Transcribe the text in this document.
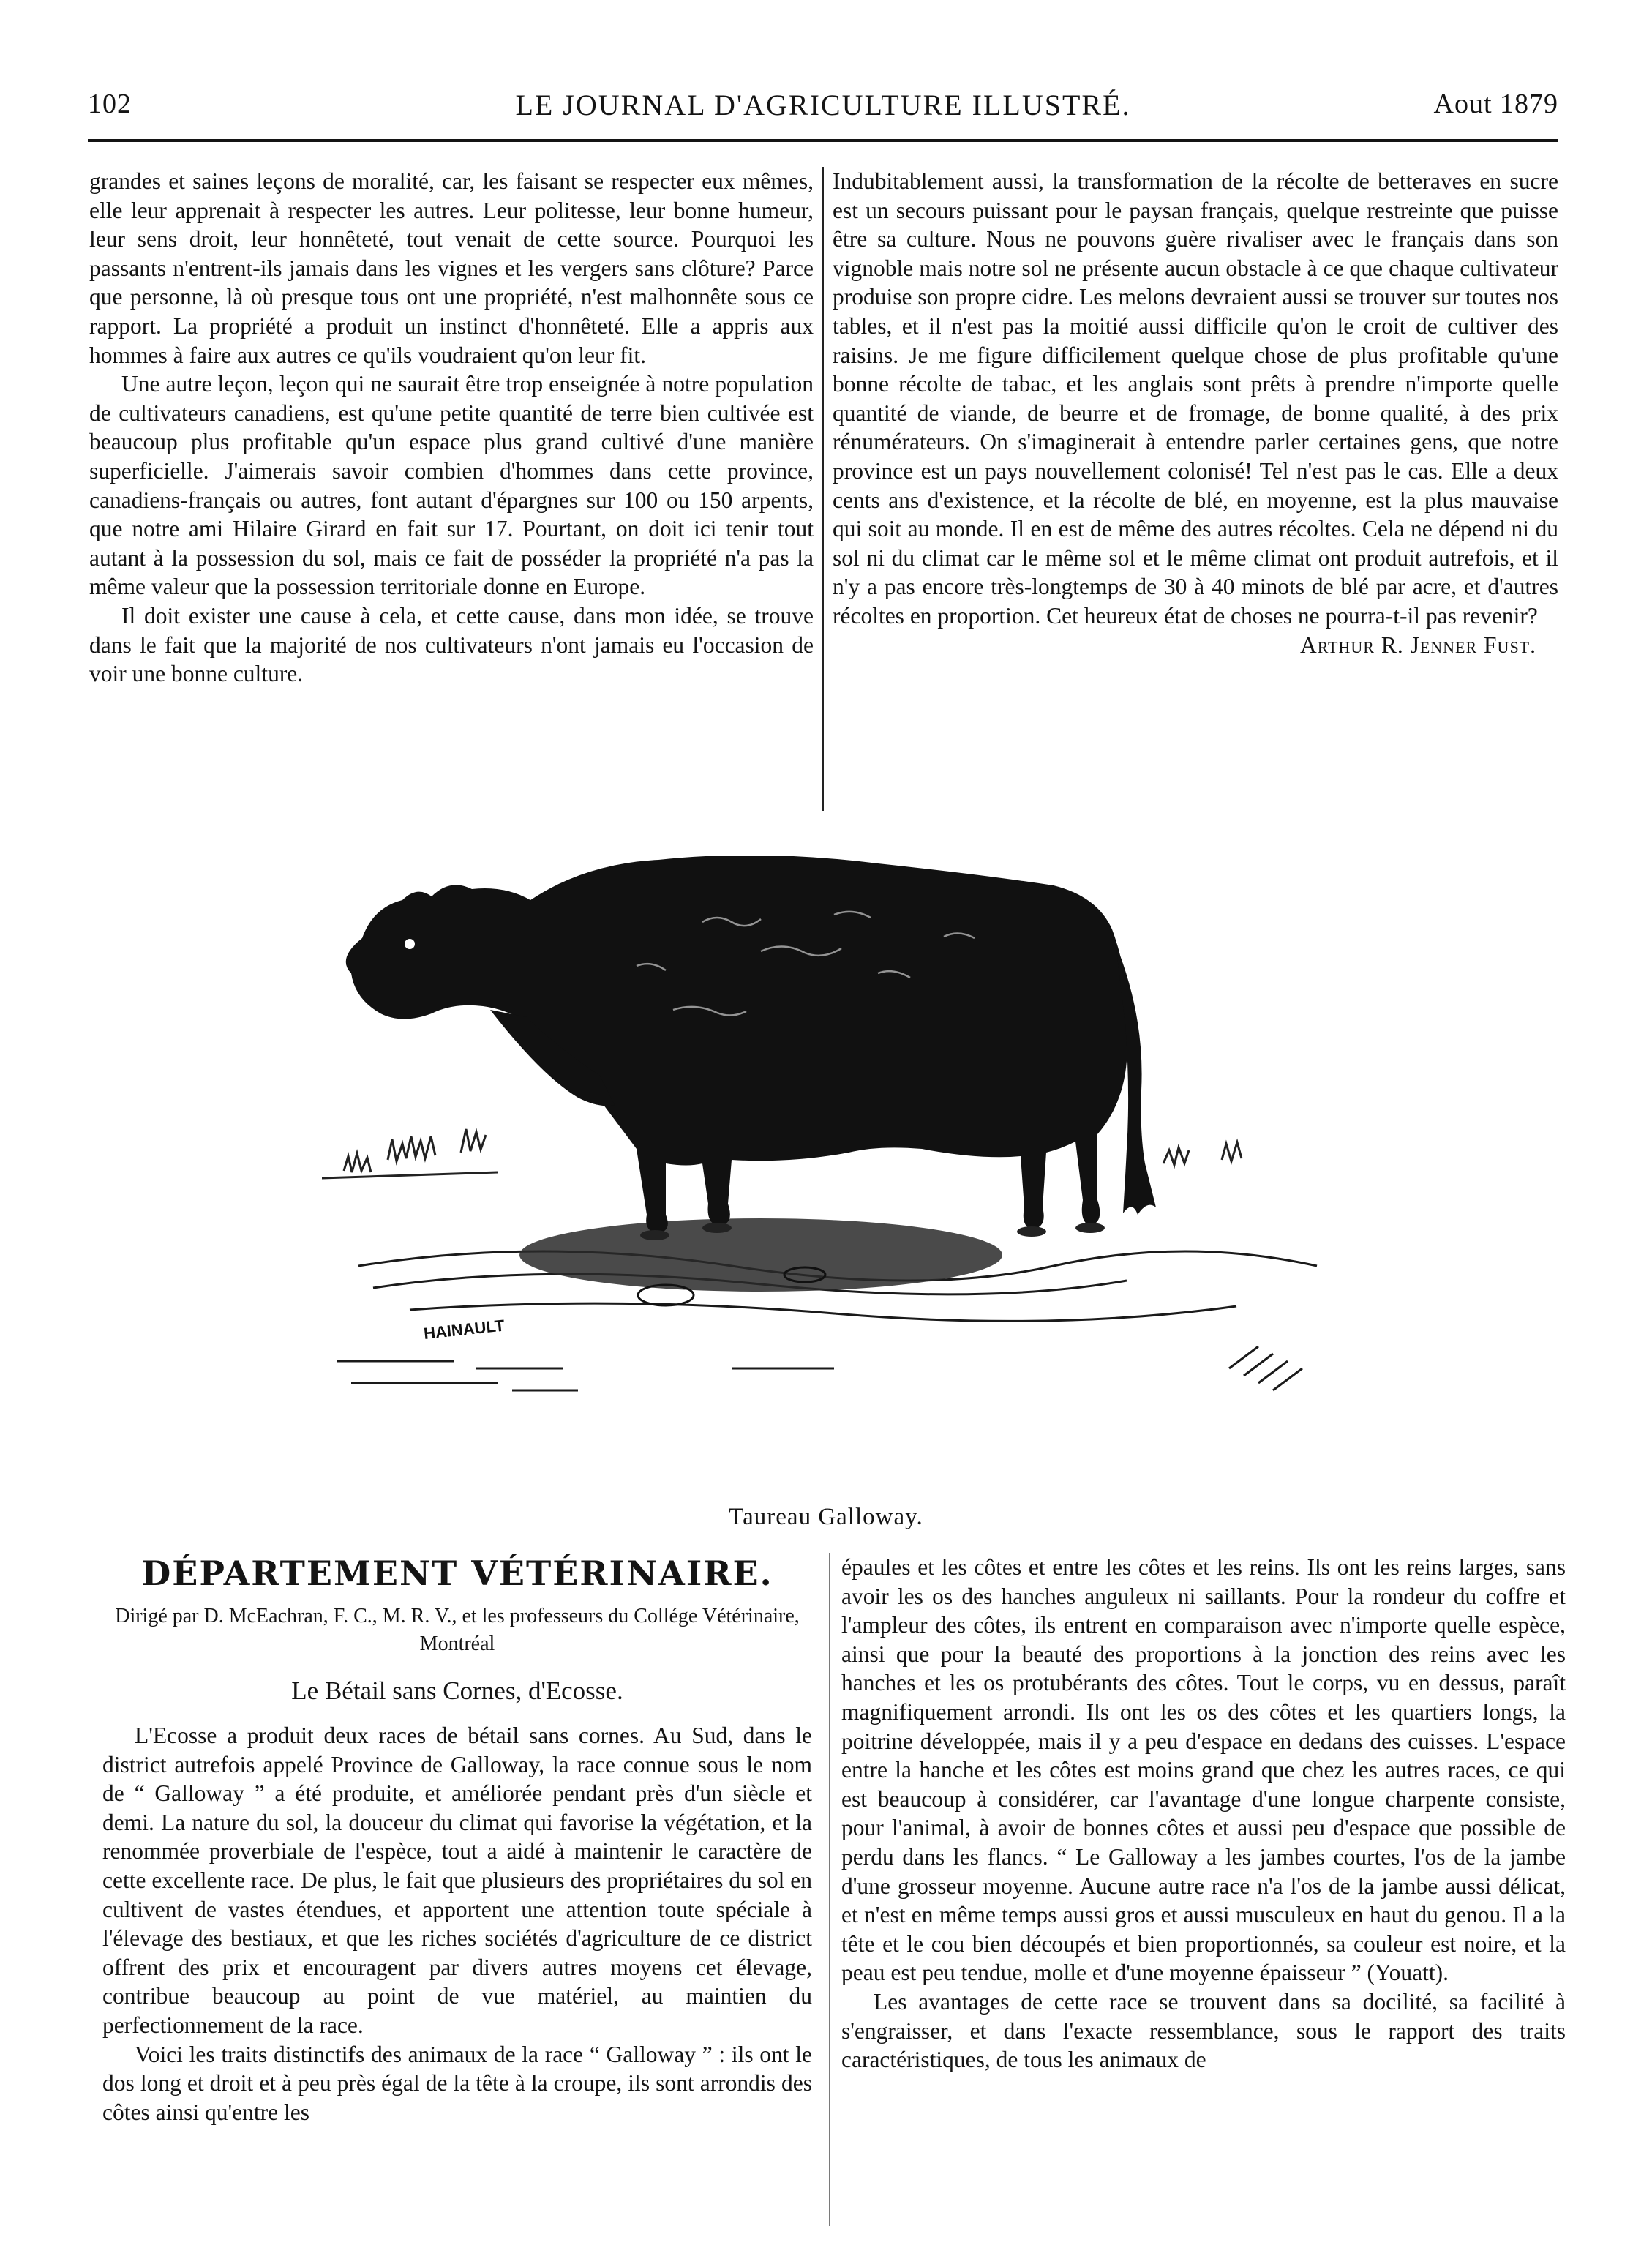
102	LE JOURNAL D'AGRICULTURE ILLUSTRÉ.	Aout 1879

grandes et saines leçons de moralité, car, les faisant se respecter eux mêmes, elle leur apprenait à respecter les autres. Leur politesse, leur bonne humeur, leur sens droit, leur honnêteté, tout venait de cette source. Pourquoi les passants n'entrent-ils jamais dans les vignes et les vergers sans clôture? Parce que personne, là où presque tous ont une propriété, n'est malhonnête sous ce rapport. La propriété a produit un instinct d'honnêteté. Elle a appris aux hommes à faire aux autres ce qu'ils voudraient qu'on leur fit.

Une autre leçon, leçon qui ne saurait être trop enseignée à notre population de cultivateurs canadiens, est qu'une petite quantité de terre bien cultivée est beaucoup plus profitable qu'un espace plus grand cultivé d'une manière superficielle. J'aimerais savoir combien d'hommes dans cette province, canadiens-français ou autres, font autant d'épargnes sur 100 ou 150 arpents, que notre ami Hilaire Girard en fait sur 17. Pourtant, on doit ici tenir tout autant à la possession du sol, mais ce fait de posséder la propriété n'a pas la même valeur que la possession territoriale donne en Europe.

Il doit exister une cause à cela, et cette cause, dans mon idée, se trouve dans le fait que la majorité de nos cultivateurs n'ont jamais eu l'occasion de voir une bonne culture.

Indubitablement aussi, la transformation de la récolte de betteraves en sucre est un secours puissant pour le paysan français, quelque restreinte que puisse être sa culture. Nous ne pouvons guère rivaliser avec le français dans son vignoble mais notre sol ne présente aucun obstacle à ce que chaque cultivateur produise son propre cidre. Les melons devraient aussi se trouver sur toutes nos tables, et il n'est pas la moitié aussi difficile qu'on le croit de cultiver des raisins. Je me figure difficilement quelque chose de plus profitable qu'une bonne récolte de tabac, et les anglais sont prêts à prendre n'importe quelle quantité de viande, de beurre et de fromage, de bonne qualité, à des prix rénumérateurs. On s'imaginerait à entendre parler certaines gens, que notre province est un pays nouvellement colonisé! Tel n'est pas le cas. Elle a deux cents ans d'existence, et la récolte de blé, en moyenne, est la plus mauvaise qui soit au monde. Il en est de même des autres récoltes. Cela ne dépend ni du sol ni du climat car le même sol et le même climat ont produit autrefois, et il n'y a pas encore très-longtemps de 30 à 40 minots de blé par acre, et d'autres récoltes en proportion. Cet heureux état de choses ne pourra-t-il pas revenir?

Arthur R. Jenner Fust.

HAINAULT
Taureau Galloway.
DÉPARTEMENT VÉTÉRINAIRE.
Dirigé par D. McEachran, F. C., M. R. V., et les professeurs du Collége Vétérinaire, Montréal
Le Bétail sans Cornes, d'Ecosse.

L'Ecosse a produit deux races de bétail sans cornes. Au Sud, dans le district autrefois appelé Province de Galloway, la race connue sous le nom de “ Galloway ” a été produite, et améliorée pendant près d'un siècle et demi. La nature du sol, la douceur du climat qui favorise la végétation, et la renommée proverbiale de l'espèce, tout a aidé à maintenir le caractère de cette excellente race. De plus, le fait que plusieurs des propriétaires du sol en cultivent de vastes étendues, et apportent une attention toute spéciale à l'élevage des bestiaux, et que les riches sociétés d'agriculture de ce district offrent des prix et encouragent par divers autres moyens cet élevage, contribue beaucoup au point de vue matériel, au maintien du perfectionnement de la race.

Voici les traits distinctifs des animaux de la race “ Galloway ” : ils ont le dos long et droit et à peu près égal de la tête à la croupe, ils sont arrondis des côtes ainsi qu'entre les

épaules et les côtes et entre les côtes et les reins. Ils ont les reins larges, sans avoir les os des hanches anguleux ni saillants. Pour la rondeur du coffre et l'ampleur des côtes, ils entrent en comparaison avec n'importe quelle espèce, ainsi que pour la beauté des proportions à la jonction des reins avec les hanches et les os protubérants des côtes. Tout le corps, vu en dessus, paraît magnifiquement arrondi. Ils ont les os des côtes et les quartiers longs, la poitrine développée, mais il y a peu d'espace en dedans des cuisses. L'espace entre la hanche et les côtes est moins grand que chez les autres races, ce qui est beaucoup à considérer, car l'avantage d'une longue charpente consiste, pour l'animal, à avoir de bonnes côtes et aussi peu d'espace que possible de perdu dans les flancs. “ Le Galloway a les jambes courtes, l'os de la jambe d'une grosseur moyenne. Aucune autre race n'a l'os de la jambe aussi délicat, et n'est en même temps aussi gros et aussi musculeux en haut du genou. Il a la tête et le cou bien découpés et bien proportionnés, sa couleur est noire, et la peau est peu tendue, molle et d'une moyenne épaisseur ” (Youatt).

Les avantages de cette race se trouvent dans sa docilité, sa facilité à s'engraisser, et dans l'exacte ressemblance, sous le rapport des traits caractéristiques, de tous les animaux de
